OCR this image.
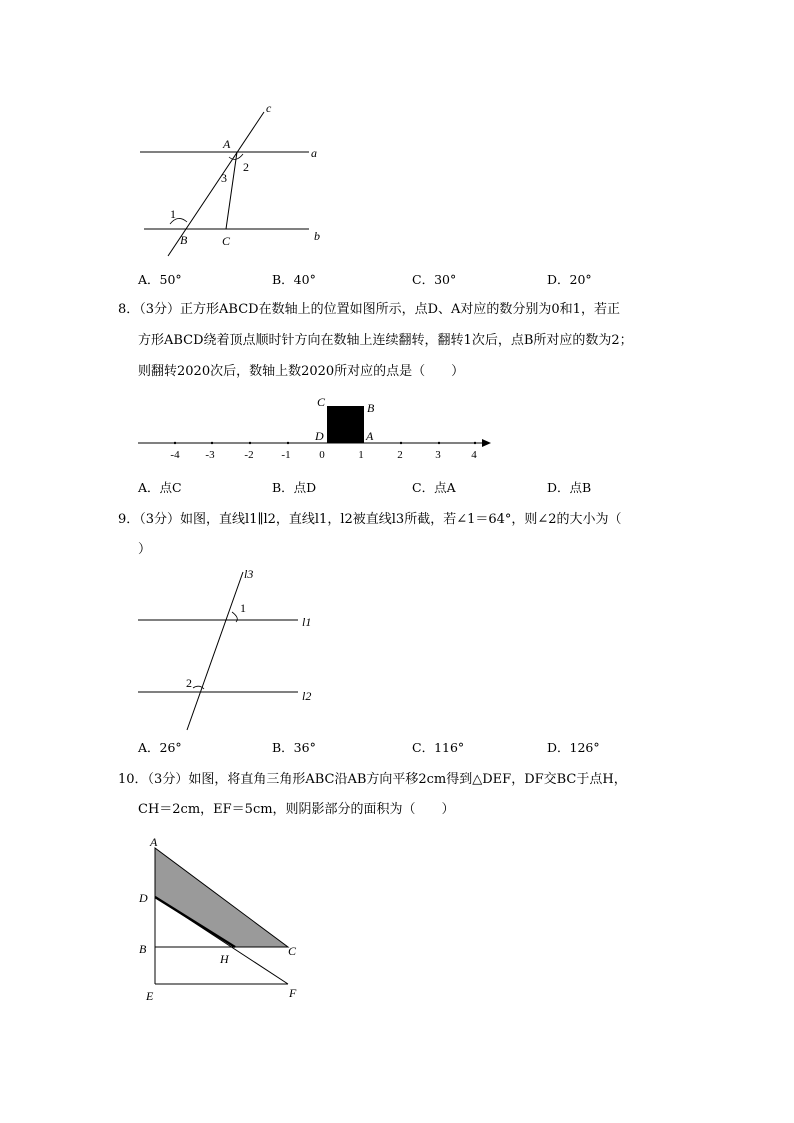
c
A
a
2
3
1
B	C	b
A．50°	B．40°	C．30°	D．20°
8．（3分）正方形ABCD在数轴上的位置如图所示，点D、A对应的数分别为0和1，若正
方形ABCD绕着顶点顺时针方向在数轴上连续翻转，翻转1次后，点B所对应的数为2；
则翻转2020次后，数轴上数2020所对应的点是（　　）
C	B
D	A
-4 -3	-2	-1	0	1	2	3	4
A．点C	B．点D	C．点A	D．点B
9．（3分）如图，直线l1∥l2，直线l1，l2被直线l3所截，若∠1＝64°，则∠2的大小为（
）
l3
1
l1
2
l2
A．26°	B．36°	C．116°	D．126°
10．（3分）如图，将直角三角形ABC沿AB方向平移2cm得到△DEF，DF交BC于点H，
CH＝2cm，EF＝5cm，则阴影部分的面积为（　　）
A
D
B
H
C
E	F
